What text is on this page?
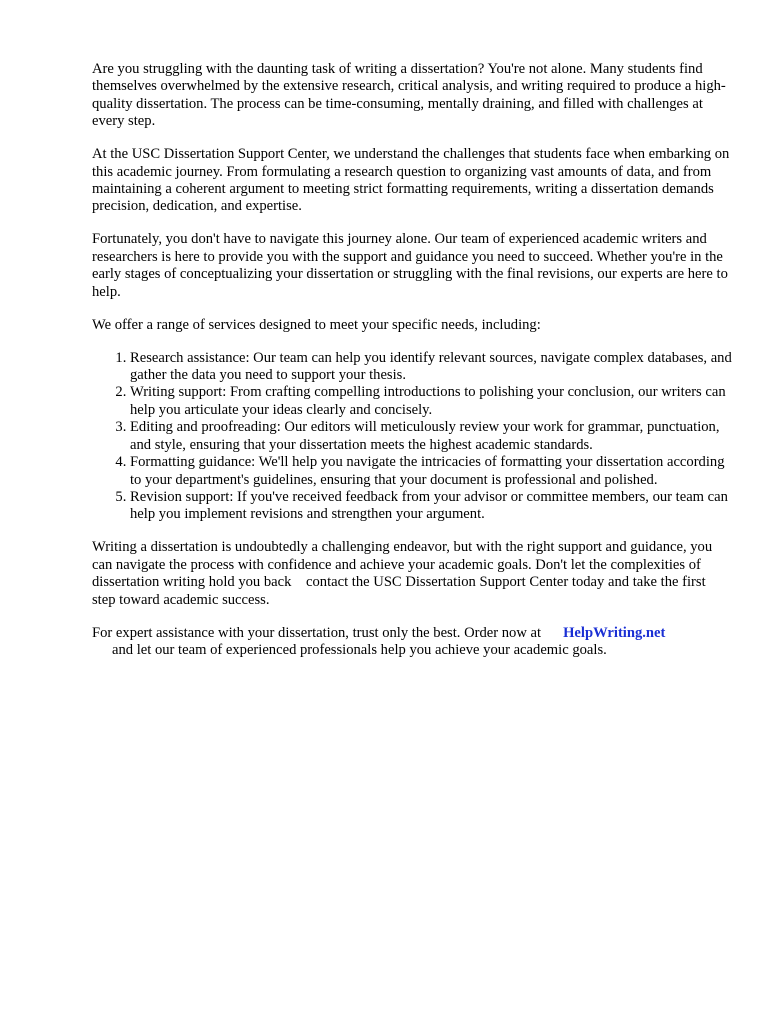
Are you struggling with the daunting task of writing a dissertation? You're not alone. Many students find themselves overwhelmed by the extensive research, critical analysis, and writing required to produce a high-quality dissertation. The process can be time-consuming, mentally draining, and filled with challenges at every step.

At the USC Dissertation Support Center, we understand the challenges that students face when embarking on this academic journey. From formulating a research question to organizing vast amounts of data, and from maintaining a coherent argument to meeting strict formatting requirements, writing a dissertation demands precision, dedication, and expertise.

Fortunately, you don't have to navigate this journey alone. Our team of experienced academic writers and researchers is here to provide you with the support and guidance you need to succeed. Whether you're in the early stages of conceptualizing your dissertation or struggling with the final revisions, our experts are here to help.

We offer a range of services designed to meet your specific needs, including:

1. Research assistance: Our team can help you identify relevant sources, navigate complex databases, and gather the data you need to support your thesis.
2. Writing support: From crafting compelling introductions to polishing your conclusion, our writers can help you articulate your ideas clearly and concisely.
3. Editing and proofreading: Our editors will meticulously review your work for grammar, punctuation, and style, ensuring that your dissertation meets the highest academic standards.
4. Formatting guidance: We'll help you navigate the intricacies of formatting your dissertation according to your department's guidelines, ensuring that your document is professional and polished.
5. Revision support: If you've received feedback from your advisor or committee members, our team can help you implement revisions and strengthen your argument.

Writing a dissertation is undoubtedly a challenging endeavor, but with the right support and guidance, you can navigate the process with confidence and achieve your academic goals. Don't let the complexities of dissertation writing hold you back contact the USC Dissertation Support Center today and take the first step toward academic success.

For expert assistance with your dissertation, trust only the best. Order now at HelpWriting.net
and let our team of experienced professionals help you achieve your academic goals.
